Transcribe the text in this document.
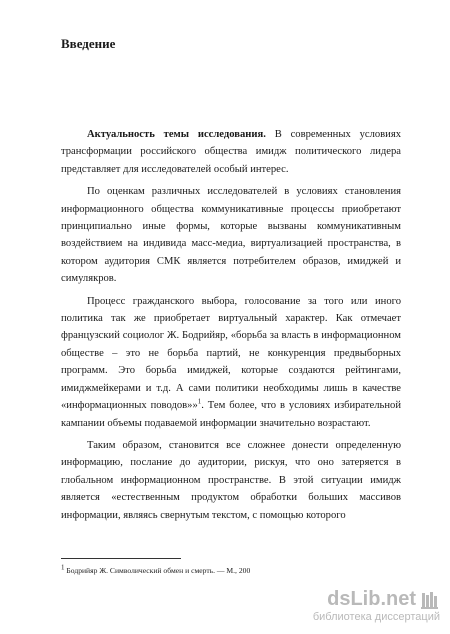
Введение

Актуальность темы исследования. В современных условиях трансформации российского общества имидж политического лидера представляет для исследователей особый интерес.

По оценкам различных исследователей в условиях становления информационного общества коммуникативные процессы приобретают принципиально иные формы, которые вызваны коммуникативным воздействием на индивида масс-медиа, виртуализацией пространства, в котором аудитория СМК является потребителем образов, имиджей и симулякров.

Процесс гражданского выбора, голосование за того или иного политика так же приобретает виртуальный характер. Как отмечает французский социолог Ж. Бодрийяр, «борьба за власть в информационном обществе – это не борьба партий, не конкуренция предвыборных программ. Это борьба имиджей, которые создаются рейтингами, имиджмейкерами и т.д. А сами политики необходимы лишь в качестве «информационных поводов»»$^1$. Тем более, что в условиях избирательной кампании объемы подаваемой информации значительно возрастают.

Таким образом, становится все сложнее донести определенную информацию, послание до аудитории, рискуя, что оно затеряется в глобальном информационном пространстве. В этой ситуации имидж является «естественным продуктом обработки больших массивов информации, являясь свернутым текстом, с помощью которого

$^1$ Бодрийяр Ж. Символический обмен и смерть. — М., 200
dsLib.net
библиотека диссертаций
